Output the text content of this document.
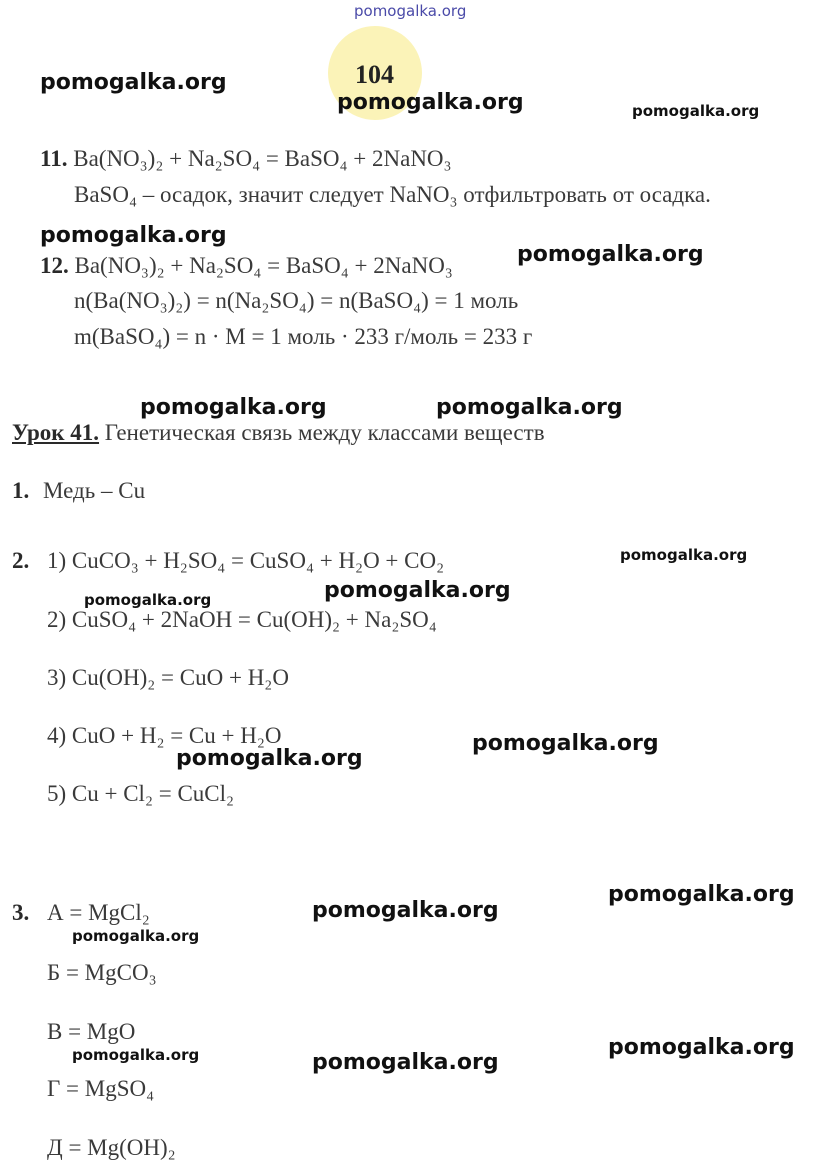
pomogalka.org
104
pomogalka.org
pomogalka.org	pomogalka.org
11. Ba(NO₃)₂ + Na₂SO₄ = BaSO₄ + 2NaNO₃
BaSO₄ – осадок, значит следует NaNO₃ отфильтровать от осадка.
pomogalka.org
12. Ba(NO₃)₂ + Na₂SO₄ = BaSO₄ + 2NaNO₃	pomogalka.org
n(Ba(NO₃)₂) = n(Na₂SO₄) = n(BaSO₄) = 1 моль
m(BaSO₄) = n · M = 1 моль · 233 г/моль = 233 г
pomogalka.org	pomogalka.org
Урок 41. Генетическая связь между классами веществ
1. Медь – Cu
2. 1) CuCO₃ + H₂SO₄ = CuSO₄ + H₂O + CO₂	pomogalka.org
pomogalka.org
pomogalka.org
2) CuSO₄ + 2NaOH = Cu(OH)₂ + Na₂SO₄
3) Cu(OH)₂ = CuO + H₂O
4) CuO + H₂ = Cu + H₂O	pomogalka.org
pomogalka.org
5) Cu + Cl₂ = CuCl₂
pomogalka.org
3. А = MgCl₂	pomogalka.org
pomogalka.org
Б = MgCO₃
В = MgO
pomogalka.org
pomogalka.org	pomogalka.org
Г = MgSO₄
Д = Mg(OH)₂
